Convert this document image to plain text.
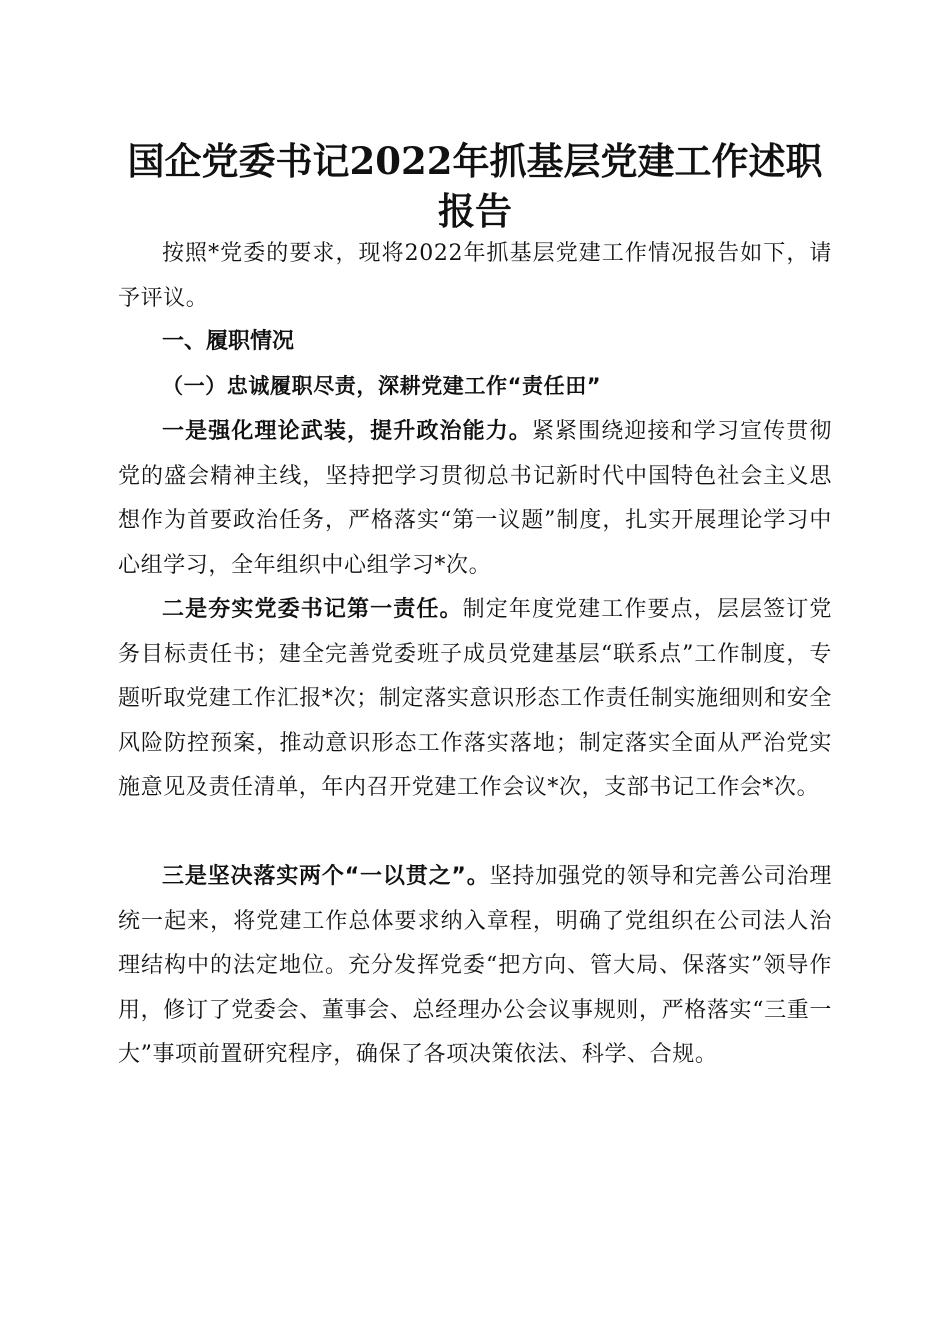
国企党委书记2022年抓基层党建工作述职报告

按照*党委的要求，现将2022年抓基层党建工作情况报告如下，请予评议。

一、履职情况
（一）忠诚履职尽责，深耕党建工作“责任田”

一是强化理论武装，提升政治能力。紧紧围绕迎接和学习宣传贯彻党的盛会精神主线，坚持把学习贯彻总书记新时代中国特色社会主义思想作为首要政治任务，严格落实“第一议题”制度，扎实开展理论学习中心组学习，全年组织中心组学习*次。

二是夯实党委书记第一责任。制定年度党建工作要点，层层签订党务目标责任书；建全完善党委班子成员党建基层“联系点”工作制度，专题听取党建工作汇报*次；制定落实意识形态工作责任制实施细则和安全风险防控预案，推动意识形态工作落实落地；制定落实全面从严治党实施意见及责任清单，年内召开党建工作会议*次，支部书记工作会*次。

三是坚决落实两个“一以贯之”。坚持加强党的领导和完善公司治理统一起来，将党建工作总体要求纳入章程，明确了党组织在公司法人治理结构中的法定地位。充分发挥党委“把方向、管大局、保落实”领导作用，修订了党委会、董事会、总经理办公会议事规则，严格落实“三重一大”事项前置研究程序，确保了各项决策依法、科学、合规。
